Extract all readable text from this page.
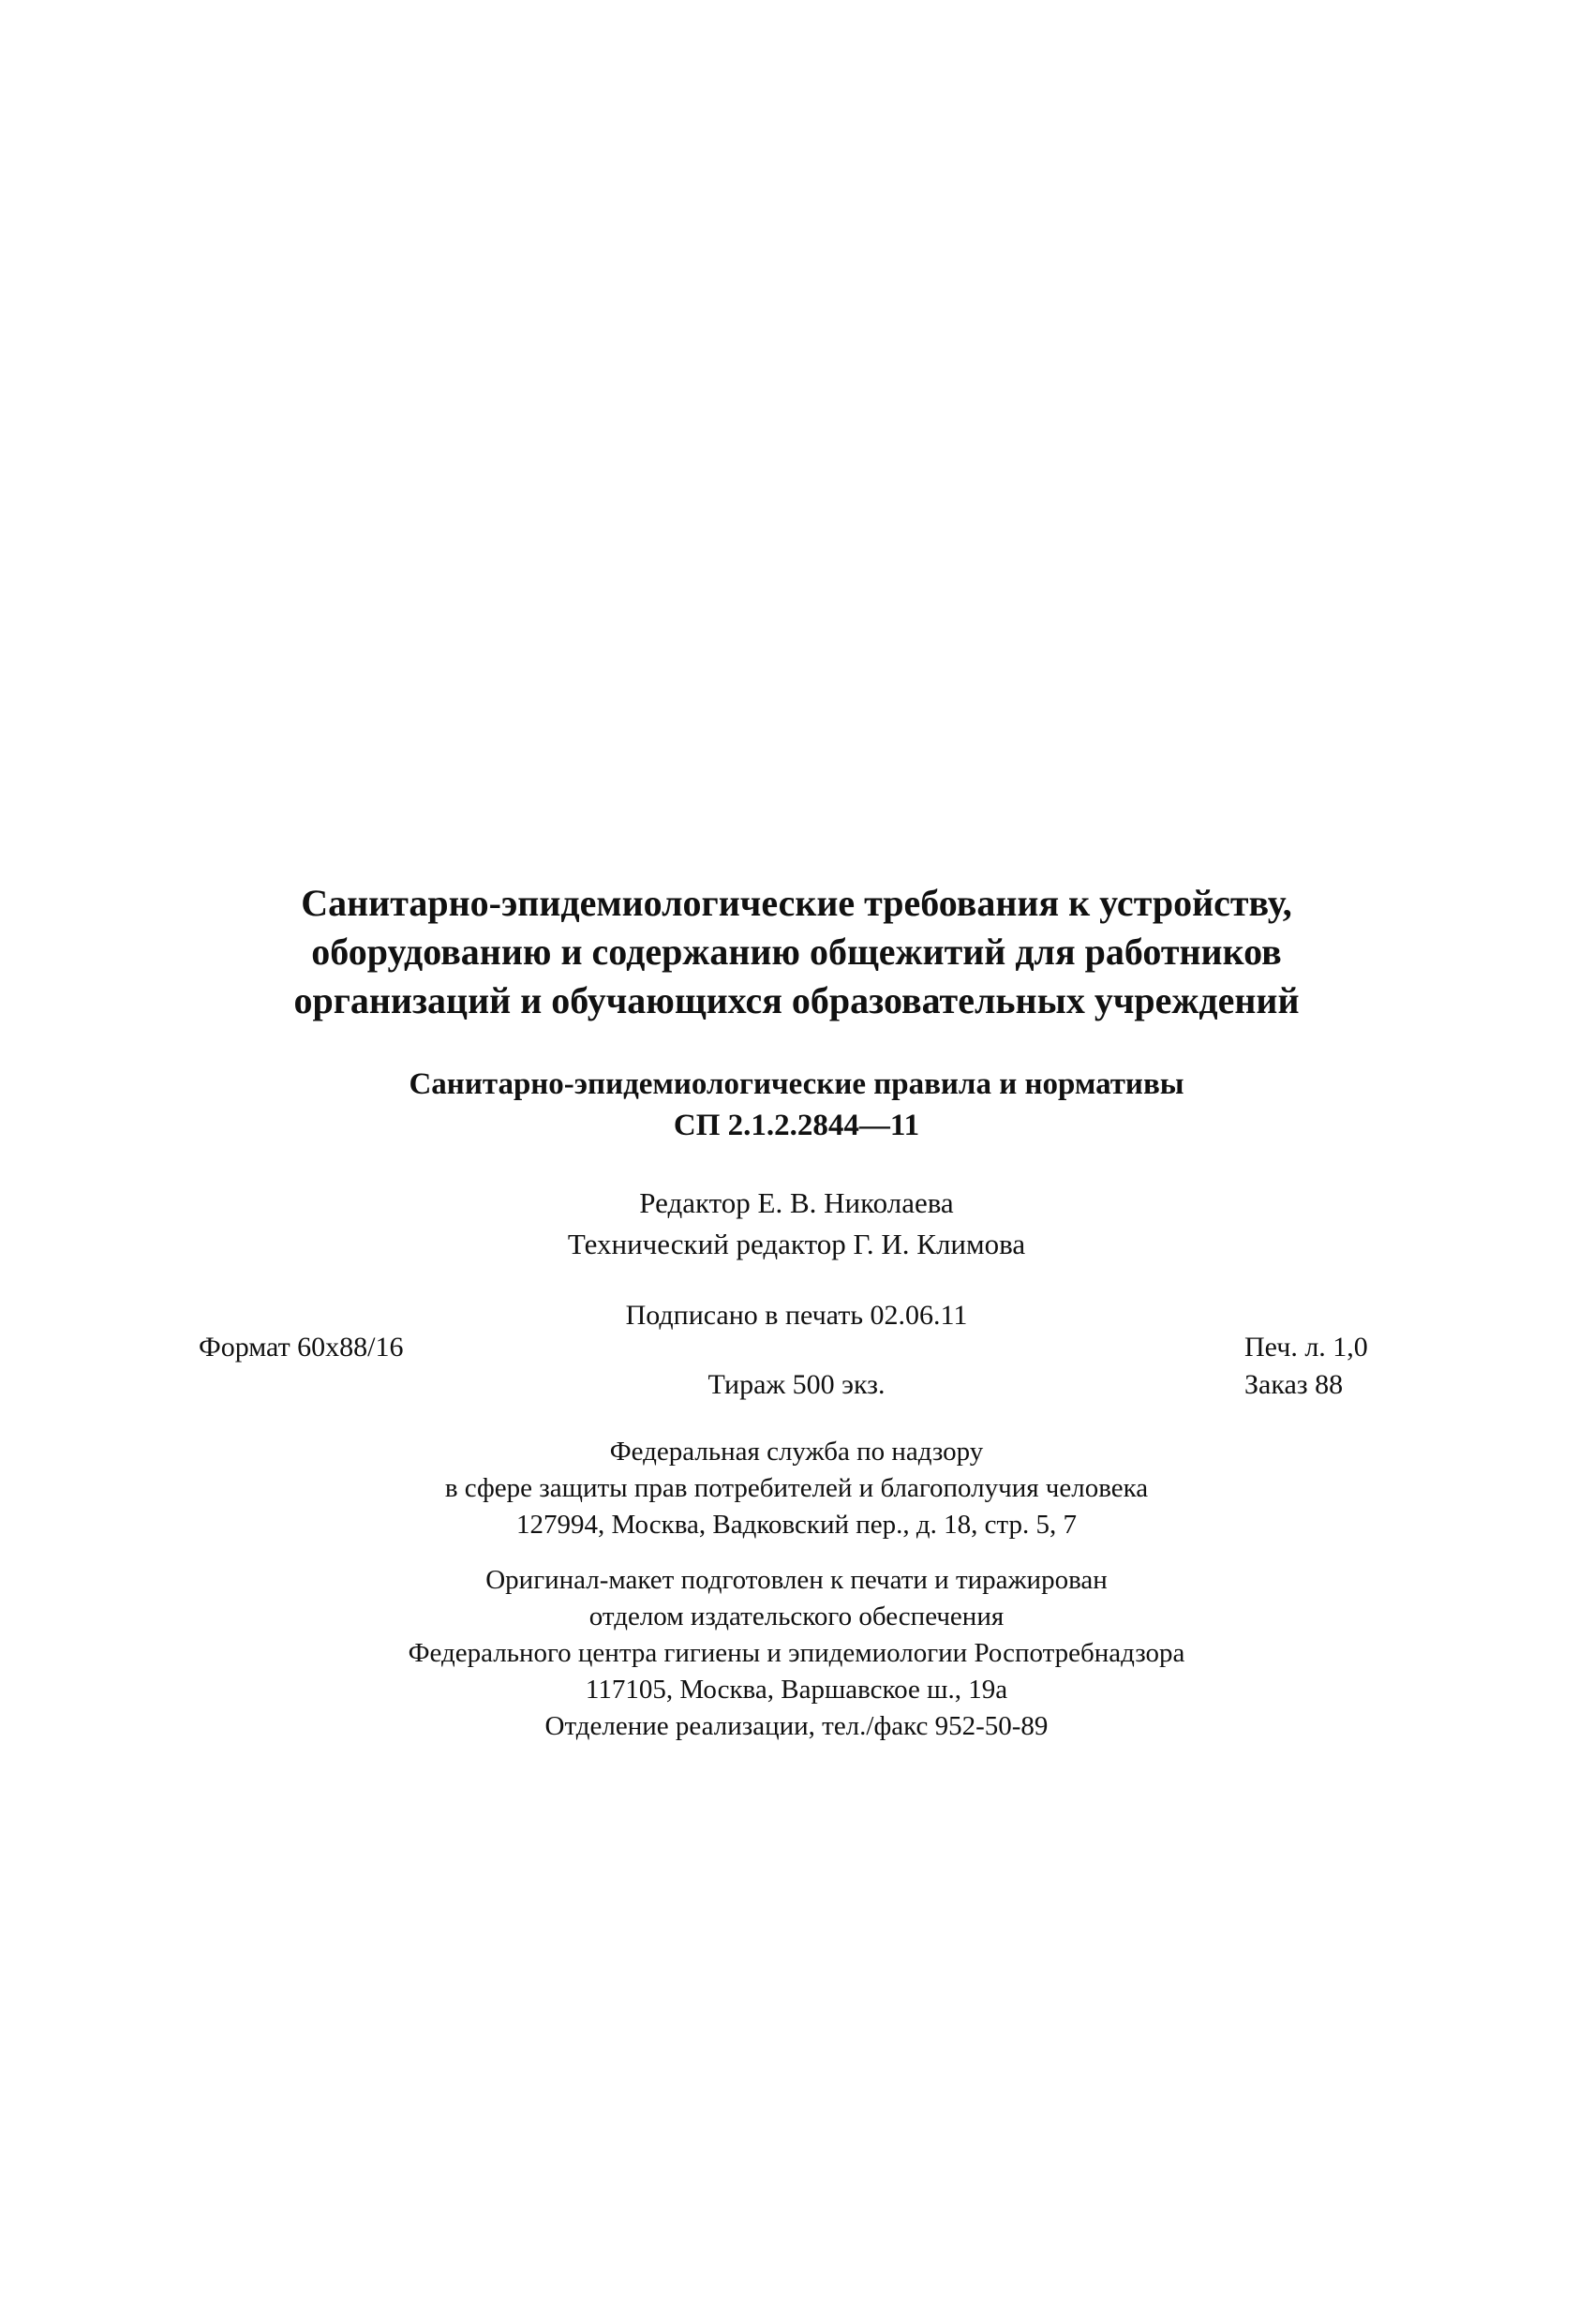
Санитарно-эпидемиологические требования к устройству,
оборудованию и содержанию общежитий для работников
организаций и обучающихся образовательных учреждений
Санитарно-эпидемиологические правила и нормативы
СП 2.1.2.2844—11
Редактор Е. В. Николаева
Технический редактор Г. И. Климова
Подписано в печать 02.06.11
Формат 60x88/16	Печ. л. 1,0
Тираж 500 экз.	Заказ 88
Федеральная служба по надзору
в сфере защиты прав потребителей и благополучия человека
127994, Москва, Вадковский пер., д. 18, стр. 5, 7
Оригинал-макет подготовлен к печати и тиражирован
отделом издательского обеспечения
Федерального центра гигиены и эпидемиологии Роспотребнадзора
117105, Москва, Варшавское ш., 19а
Отделение реализации, тел./факс 952-50-89
